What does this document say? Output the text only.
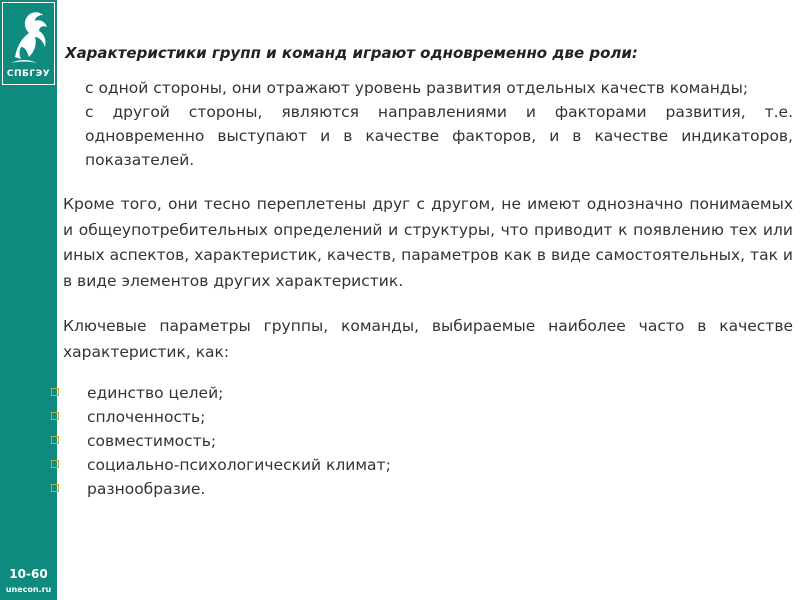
СПБГЭУ
10-60
unecon.ru

Характеристики групп и команд играют одновременно две роли:

с одной стороны, они отражают уровень развития отдельных качеств команды;
с другой стороны, являются направлениями и факторами развития, т.е. одновременно выступают и в качестве факторов, и в качестве индикаторов, показателей.

Кроме того, они тесно переплетены друг с другом, не имеют однозначно понимаемых и общеупотребительных определений и структуры, что приводит к появлению тех или иных аспектов, характеристик, качеств, параметров как в виде самостоятельных, так и в виде элементов других характеристик.

Ключевые параметры группы, команды, выбираемые наиболее часто в качестве характеристик, как:

единство целей;
сплоченность;
совместимость;
социально-психологический климат;
разнообразие.
